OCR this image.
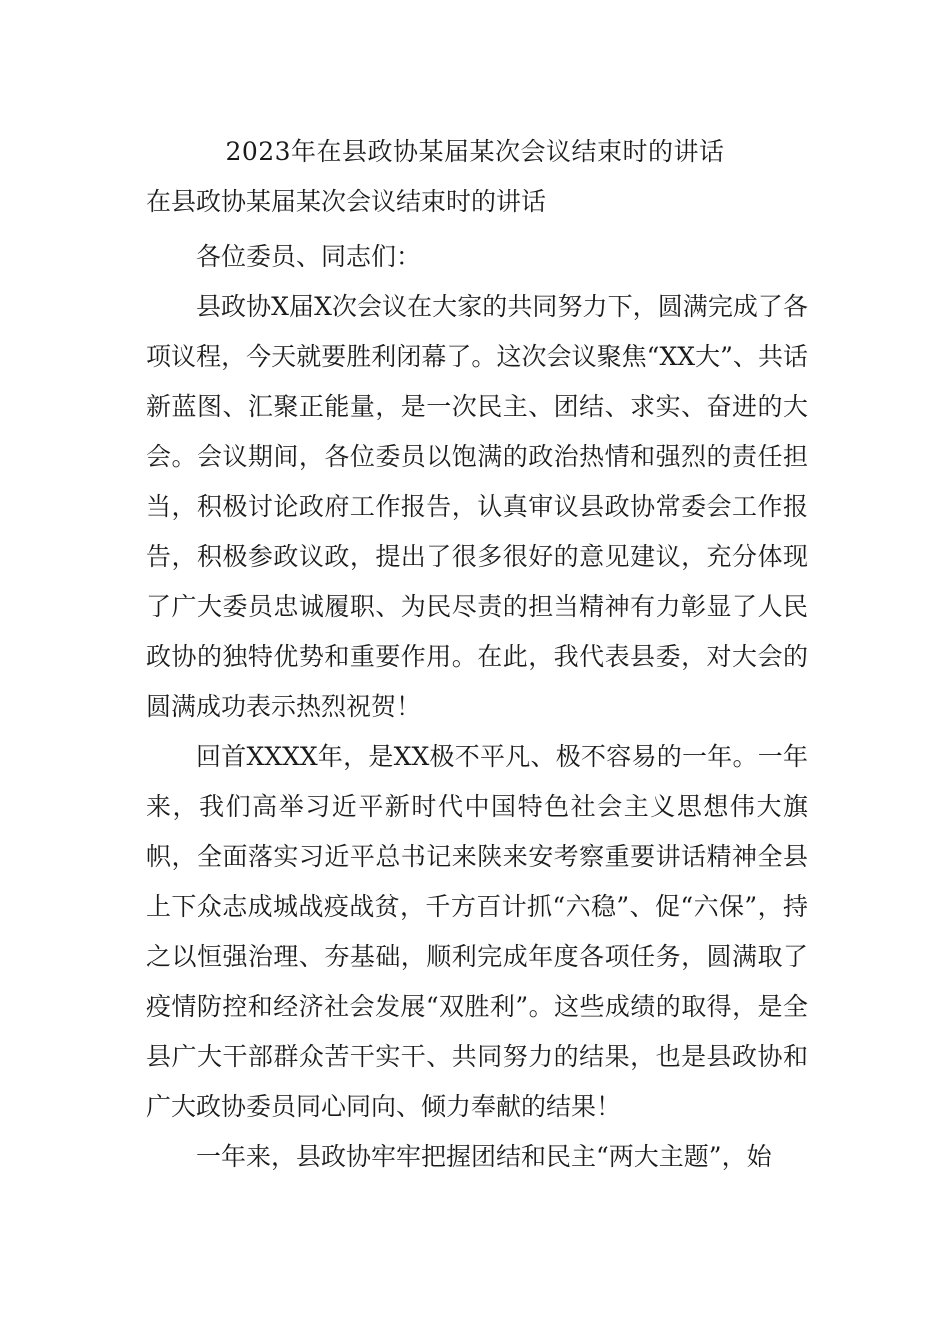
2023年在县政协某届某次会议结束时的讲话
在县政协某届某次会议结束时的讲话

各位委员、同志们：

县政协X届X次会议在大家的共同努力下，圆满完成了各项议程，今天就要胜利闭幕了。这次会议聚焦“XX大”、共话新蓝图、汇聚正能量，是一次民主、团结、求实、奋进的大会。会议期间，各位委员以饱满的政治热情和强烈的责任担当，积极讨论政府工作报告，认真审议县政协常委会工作报告，积极参政议政，提出了很多很好的意见建议，充分体现了广大委员忠诚履职、为民尽责的担当精神有力彰显了人民政协的独特优势和重要作用。在此，我代表县委，对大会的圆满成功表示热烈祝贺！

回首XXXX年，是XX极不平凡、极不容易的一年。一年来，我们高举习近平新时代中国特色社会主义思想伟大旗帜，全面落实习近平总书记来陕来安考察重要讲话精神全县上下众志成城战疫战贫，千方百计抓“六稳”、促“六保”，持之以恒强治理、夯基础，顺利完成年度各项任务，圆满取了疫情防控和经济社会发展“双胜利”。这些成绩的取得，是全县广大干部群众苦干实干、共同努力的结果，也是县政协和广大政协委员同心同向、倾力奉献的结果！

一年来，县政协牢牢把握团结和民主“两大主题”，始
